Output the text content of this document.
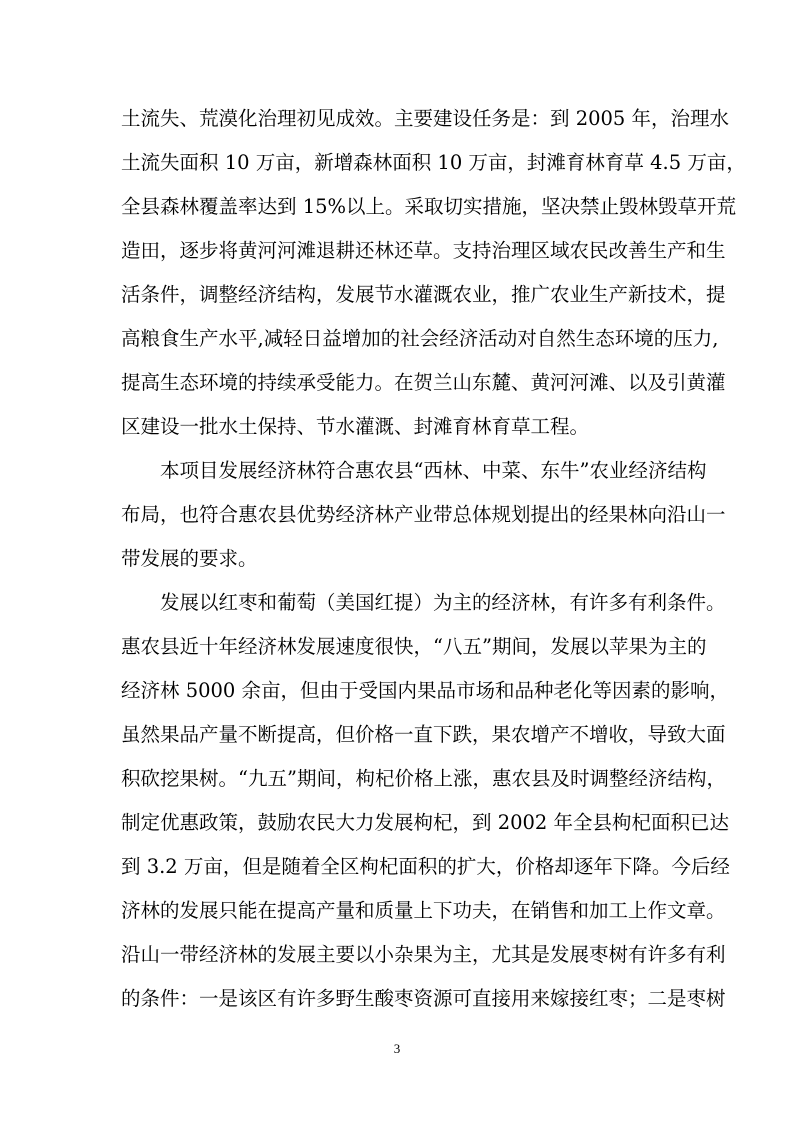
土流失、荒漠化治理初见成效。主要建设任务是：到 2005 年，治理水
土流失面积 10 万亩，新增森林面积 10 万亩，封滩育林育草 4.5 万亩，
全县森林覆盖率达到 15%以上。采取切实措施，坚决禁止毁林毁草开荒
造田，逐步将黄河河滩退耕还林还草。支持治理区域农民改善生产和生
活条件，调整经济结构，发展节水灌溉农业，推广农业生产新技术，提
高粮食生产水平,减轻日益增加的社会经济活动对自然生态环境的压力,
提高生态环境的持续承受能力。在贺兰山东麓、黄河河滩、以及引黄灌
区建设一批水土保持、节水灌溉、封滩育林育草工程。
本项目发展经济林符合惠农县“西林、中菜、东牛”农业经济结构
布局，也符合惠农县优势经济林产业带总体规划提出的经果林向沿山一
带发展的要求。
发展以红枣和葡萄（美国红提）为主的经济林，有许多有利条件。
惠农县近十年经济林发展速度很快，“八五”期间，发展以苹果为主的
经济林 5000 余亩，但由于受国内果品市场和品种老化等因素的影响，
虽然果品产量不断提高，但价格一直下跌，果农增产不增收，导致大面
积砍挖果树。“九五”期间，枸杞价格上涨，惠农县及时调整经济结构，
制定优惠政策，鼓励农民大力发展枸杞，到 2002 年全县枸杞面积已达
到 3.2 万亩，但是随着全区枸杞面积的扩大，价格却逐年下降。今后经
济林的发展只能在提高产量和质量上下功夫，在销售和加工上作文章。
沿山一带经济林的发展主要以小杂果为主，尤其是发展枣树有许多有利
的条件：一是该区有许多野生酸枣资源可直接用来嫁接红枣；二是枣树
3
